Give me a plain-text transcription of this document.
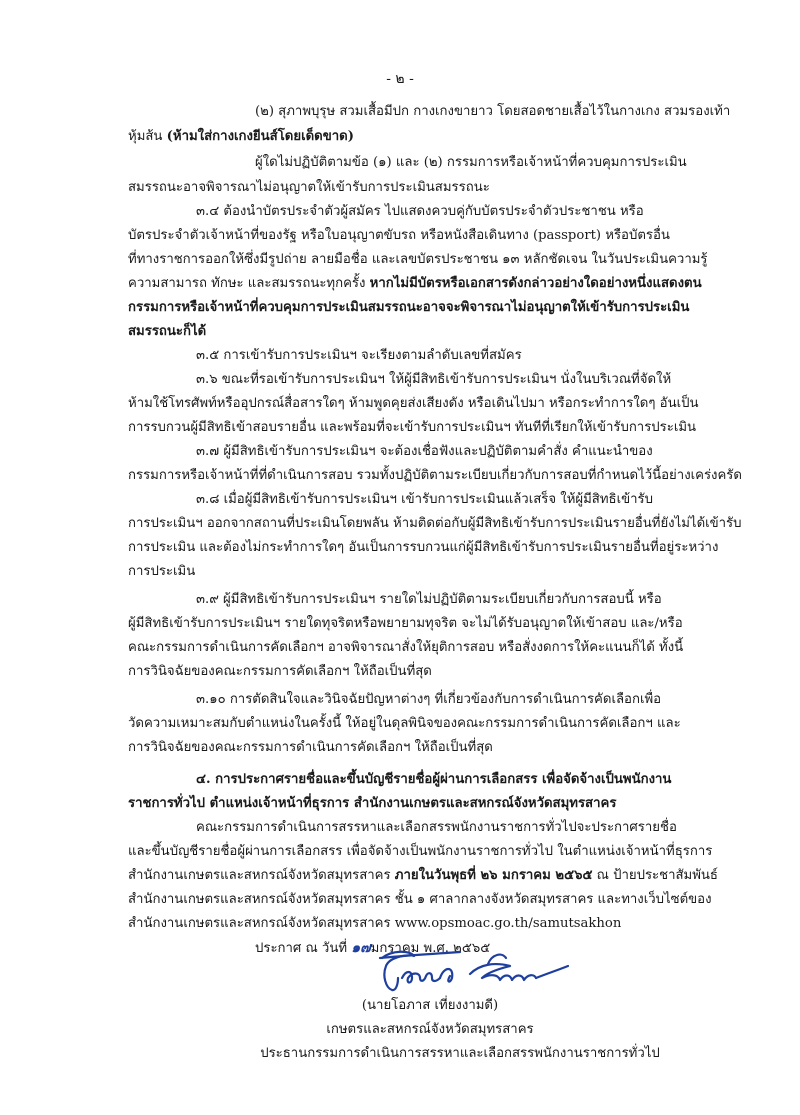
- ๒ -
(๒) สุภาพบุรุษ สวมเสื้อมีปก กางเกงขายาว โดยสอดชายเสื้อไว้ในกางเกง สวมรองเท้า
หุ้มส้น (ห้ามใส่กางเกงยีนส์โดยเด็ดขาด)
ผู้ใดไม่ปฏิบัติตามข้อ (๑) และ (๒) กรรมการหรือเจ้าหน้าที่ควบคุมการประเมิน
สมรรถนะอาจพิจารณาไม่อนุญาตให้เข้ารับการประเมินสมรรถนะ
๓.๔ ต้องนำบัตรประจำตัวผู้สมัคร ไปแสดงควบคู่กับบัตรประจำตัวประชาชน หรือ
บัตรประจำตัวเจ้าหน้าที่ของรัฐ หรือใบอนุญาตขับรถ หรือหนังสือเดินทาง (passport) หรือบัตรอื่น
ที่ทางราชการออกให้ซึ่งมีรูปถ่าย ลายมือชื่อ และเลขบัตรประชาชน ๑๓ หลักชัดเจน ในวันประเมินความรู้
ความสามารถ ทักษะ และสมรรถนะทุกครั้ง หากไม่มีบัตรหรือเอกสารดังกล่าวอย่างใดอย่างหนึ่งแสดงตน
กรรมการหรือเจ้าหน้าที่ควบคุมการประเมินสมรรถนะอาจจะพิจารณาไม่อนุญาตให้เข้ารับการประเมิน
สมรรถนะก็ได้
๓.๕ การเข้ารับการประเมินฯ จะเรียงตามลำดับเลขที่สมัคร
๓.๖ ขณะที่รอเข้ารับการประเมินฯ ให้ผู้มีสิทธิเข้ารับการประเมินฯ นั่งในบริเวณที่จัดให้
ห้ามใช้โทรศัพท์หรืออุปกรณ์สื่อสารใดๆ ห้ามพูดคุยส่งเสียงดัง หรือเดินไปมา หรือกระทำการใดๆ อันเป็น
การรบกวนผู้มีสิทธิเข้าสอบรายอื่น และพร้อมที่จะเข้ารับการประเมินฯ ทันทีที่เรียกให้เข้ารับการประเมิน
๓.๗ ผู้มีสิทธิเข้ารับการประเมินฯ จะต้องเชื่อฟังและปฏิบัติตามคำสั่ง คำแนะนำของ
กรรมการหรือเจ้าหน้าที่ที่ดำเนินการสอบ รวมทั้งปฏิบัติตามระเบียบเกี่ยวกับการสอบที่กำหนดไว้นี้อย่างเคร่งครัด
๓.๘ เมื่อผู้มีสิทธิเข้ารับการประเมินฯ เข้ารับการประเมินแล้วเสร็จ ให้ผู้มีสิทธิเข้ารับ
การประเมินฯ ออกจากสถานที่ประเมินโดยพลัน ห้ามติดต่อกับผู้มีสิทธิเข้ารับการประเมินรายอื่นที่ยังไม่ได้เข้ารับ
การประเมิน และต้องไม่กระทำการใดๆ อันเป็นการรบกวนแก่ผู้มีสิทธิเข้ารับการประเมินรายอื่นที่อยู่ระหว่าง
การประเมิน
๓.๙ ผู้มีสิทธิเข้ารับการประเมินฯ รายใดไม่ปฏิบัติตามระเบียบเกี่ยวกับการสอบนี้ หรือ
ผู้มีสิทธิเข้ารับการประเมินฯ รายใดทุจริตหรือพยายามทุจริต จะไม่ได้รับอนุญาตให้เข้าสอบ และ/หรือ
คณะกรรมการดำเนินการคัดเลือกฯ อาจพิจารณาสั่งให้ยุติการสอบ หรือสั่งงดการให้คะแนนก็ได้ ทั้งนี้
การวินิจฉัยของคณะกรรมการคัดเลือกฯ ให้ถือเป็นที่สุด
๓.๑๐ การตัดสินใจและวินิจฉัยปัญหาต่างๆ ที่เกี่ยวข้องกับการดำเนินการคัดเลือกเพื่อ
วัดความเหมาะสมกับตำแหน่งในครั้งนี้ ให้อยู่ในดุลพินิจของคณะกรรมการดำเนินการคัดเลือกฯ และ
การวินิจฉัยของคณะกรรมการดำเนินการคัดเลือกฯ ให้ถือเป็นที่สุด
๔. การประกาศรายชื่อและขึ้นบัญชีรายชื่อผู้ผ่านการเลือกสรร เพื่อจัดจ้างเป็นพนักงาน
ราชการทั่วไป ตำแหน่งเจ้าหน้าที่ธุรการ สำนักงานเกษตรและสหกรณ์จังหวัดสมุทรสาคร
คณะกรรมการดำเนินการสรรหาและเลือกสรรพนักงานราชการทั่วไปจะประกาศรายชื่อ
และขึ้นบัญชีรายชื่อผู้ผ่านการเลือกสรร เพื่อจัดจ้างเป็นพนักงานราชการทั่วไป ในตำแหน่งเจ้าหน้าที่ธุรการ
สำนักงานเกษตรและสหกรณ์จังหวัดสมุทรสาคร ภายในวันพุธที่ ๒๖ มกราคม ๒๕๖๕ ณ ป้ายประชาสัมพันธ์
สำนักงานเกษตรและสหกรณ์จังหวัดสมุทรสาคร ชั้น ๑ ศาลากลางจังหวัดสมุทรสาคร และทางเว็บไซต์ของ
สำนักงานเกษตรและสหกรณ์จังหวัดสมุทรสาคร www.opsmoac.go.th/samutsakhon
ประกาศ ณ วันที่ ๑๗มกราคม พ.ศ. ๒๕๖๕
(นายโอภาส เที่ยงงามดี)
เกษตรและสหกรณ์จังหวัดสมุทรสาคร
ประธานกรรมการดำเนินการสรรหาและเลือกสรรพนักงานราชการทั่วไป
